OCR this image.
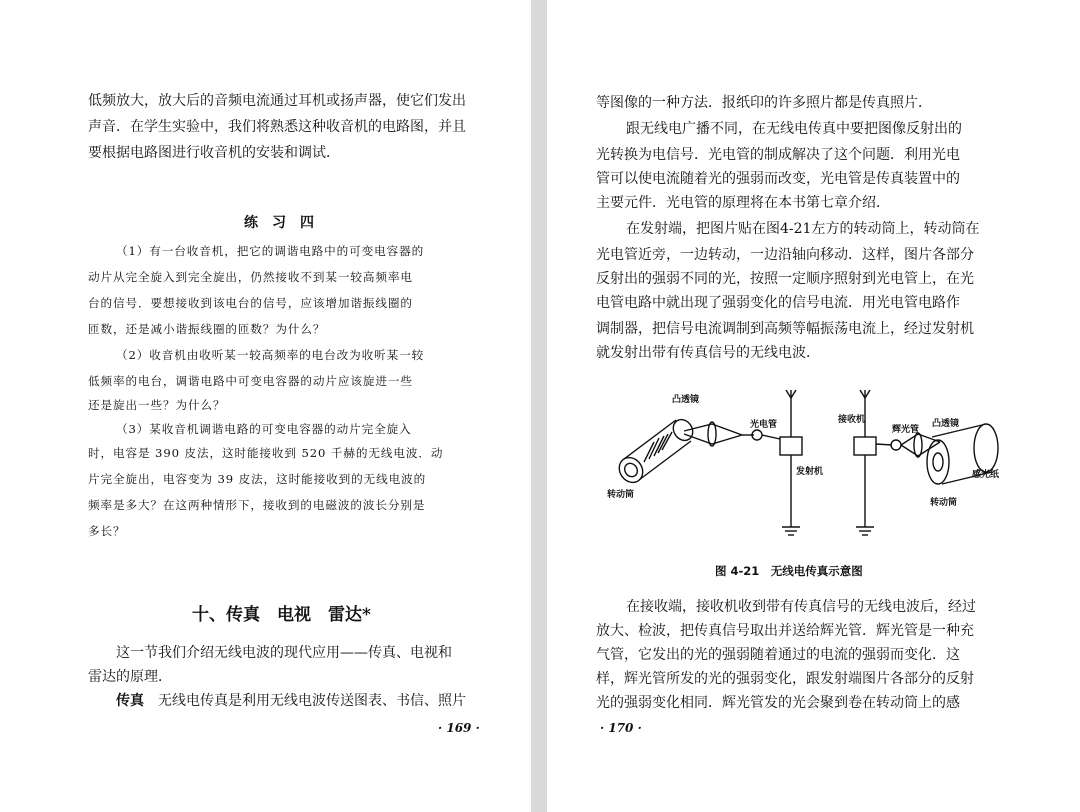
低频放大，放大后的音频电流通过耳机或扬声器，使它们发出
声音．在学生实验中，我们将熟悉这种收音机的电路图，并且
要根据电路图进行收音机的安装和调试．
练　习　四
（1）有一台收音机，把它的调谐电路中的可变电容器的
动片从完全旋入到完全旋出，仍然接收不到某一较高频率电
台的信号．要想接收到该电台的信号，应该增加谐振线圈的
匝数，还是减小谐振线圈的匝数？为什么？
（2）收音机由收听某一较高频率的电台改为收听某一较
低频率的电台，调谐电路中可变电容器的动片应该旋进一些
还是旋出一些？为什么？
（3）某收音机调谐电路的可变电容器的动片完全旋入
时，电容是 390 皮法，这时能接收到 520 千赫的无线电波．动
片完全旋出，电容变为 39 皮法，这时能接收到的无线电波的
频率是多大？在这两种情形下，接收到的电磁波的波长分别是
多长？
十、传真　电视　雷达*
这一节我们介绍无线电波的现代应用——传真、电视和
雷达的原理．
传真　 无线电传真是利用无线电波传送图表、书信、照片
· 169 ·
等图像的一种方法．报纸印的许多照片都是传真照片．
跟无线电广播不同，在无线电传真中要把图像反射出的
光转换为电信号．光电管的制成解决了这个问题．利用光电
管可以使电流随着光的强弱而改变，光电管是传真装置中的
主要元件．光电管的原理将在本书第七章介绍．
在发射端，把图片贴在图4-21左方的转动筒上，转动筒在
光电管近旁，一边转动，一边沿轴向移动．这样，图片各部分
反射出的强弱不同的光，按照一定顺序照射到光电管上，在光
电管电路中就出现了强弱变化的信号电流．用光电管电路作
调制器，把信号电流调制到高频等幅振荡电流上，经过发射机
就发射出带有传真信号的无线电波．
凸透镜
光电管
发射机
转动筒
接收机
辉光管
凸透镜
感光纸
转动筒
图 4-21　无线电传真示意图
在接收端，接收机收到带有传真信号的无线电波后，经过
放大、检波，把传真信号取出并送给辉光管．辉光管是一种充
气管，它发出的光的强弱随着通过的电流的强弱而变化．这
样，辉光管所发的光的强弱变化，跟发射端图片各部分的反射
光的强弱变化相同．辉光管发的光会聚到卷在转动筒上的感
· 170 ·
